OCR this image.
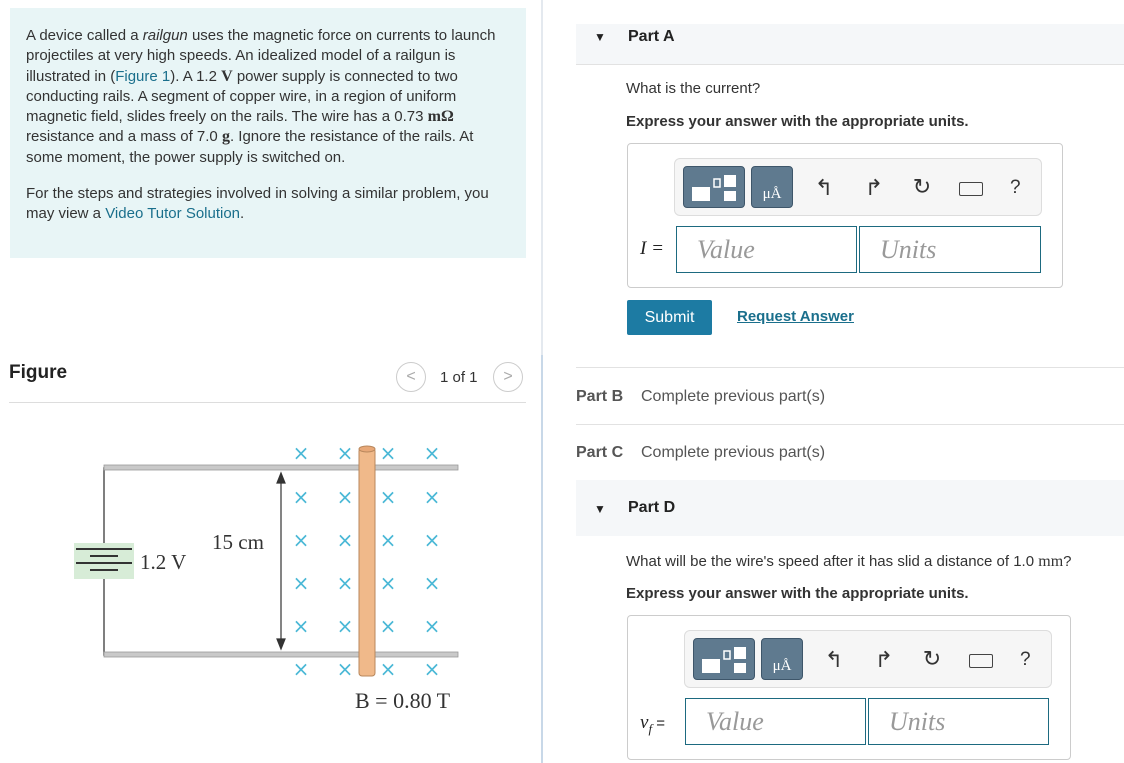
A device called a railgun uses the magnetic force on currents to launch projectiles at very high speeds. An idealized model of a railgun is illustrated in (Figure 1). A 1.2 V power supply is connected to two conducting rails. A segment of copper wire, in a region of uniform magnetic field, slides freely on the rails. The wire has a 0.73 mΩ resistance and a mass of 7.0 g. Ignore the resistance of the rails. At some moment, the power supply is switched on.

For the steps and strategies involved in solving a similar problem, you may view a Video Tutor Solution.

Figure	< 1 of 1 >
× × × ×
× × × ×
× × × ×
× × × ×
× × × ×
× × × ×
1.2 V
15 cm
B = 0.80 T
▼ Part A
What is the current?
Express your answer with the appropriate units.
μÅ ↰ ↱ ↻	?
I = Value	Units
Submit	Request Answer
Part B Complete previous part(s)
Part C Complete previous part(s)
▼ Part D
What will be the wire's speed after it has slid a distance of 1.0 mm?
Express your answer with the appropriate units.
μÅ ↰ ↱ ↻	?
$v_f$ = Value	Units
